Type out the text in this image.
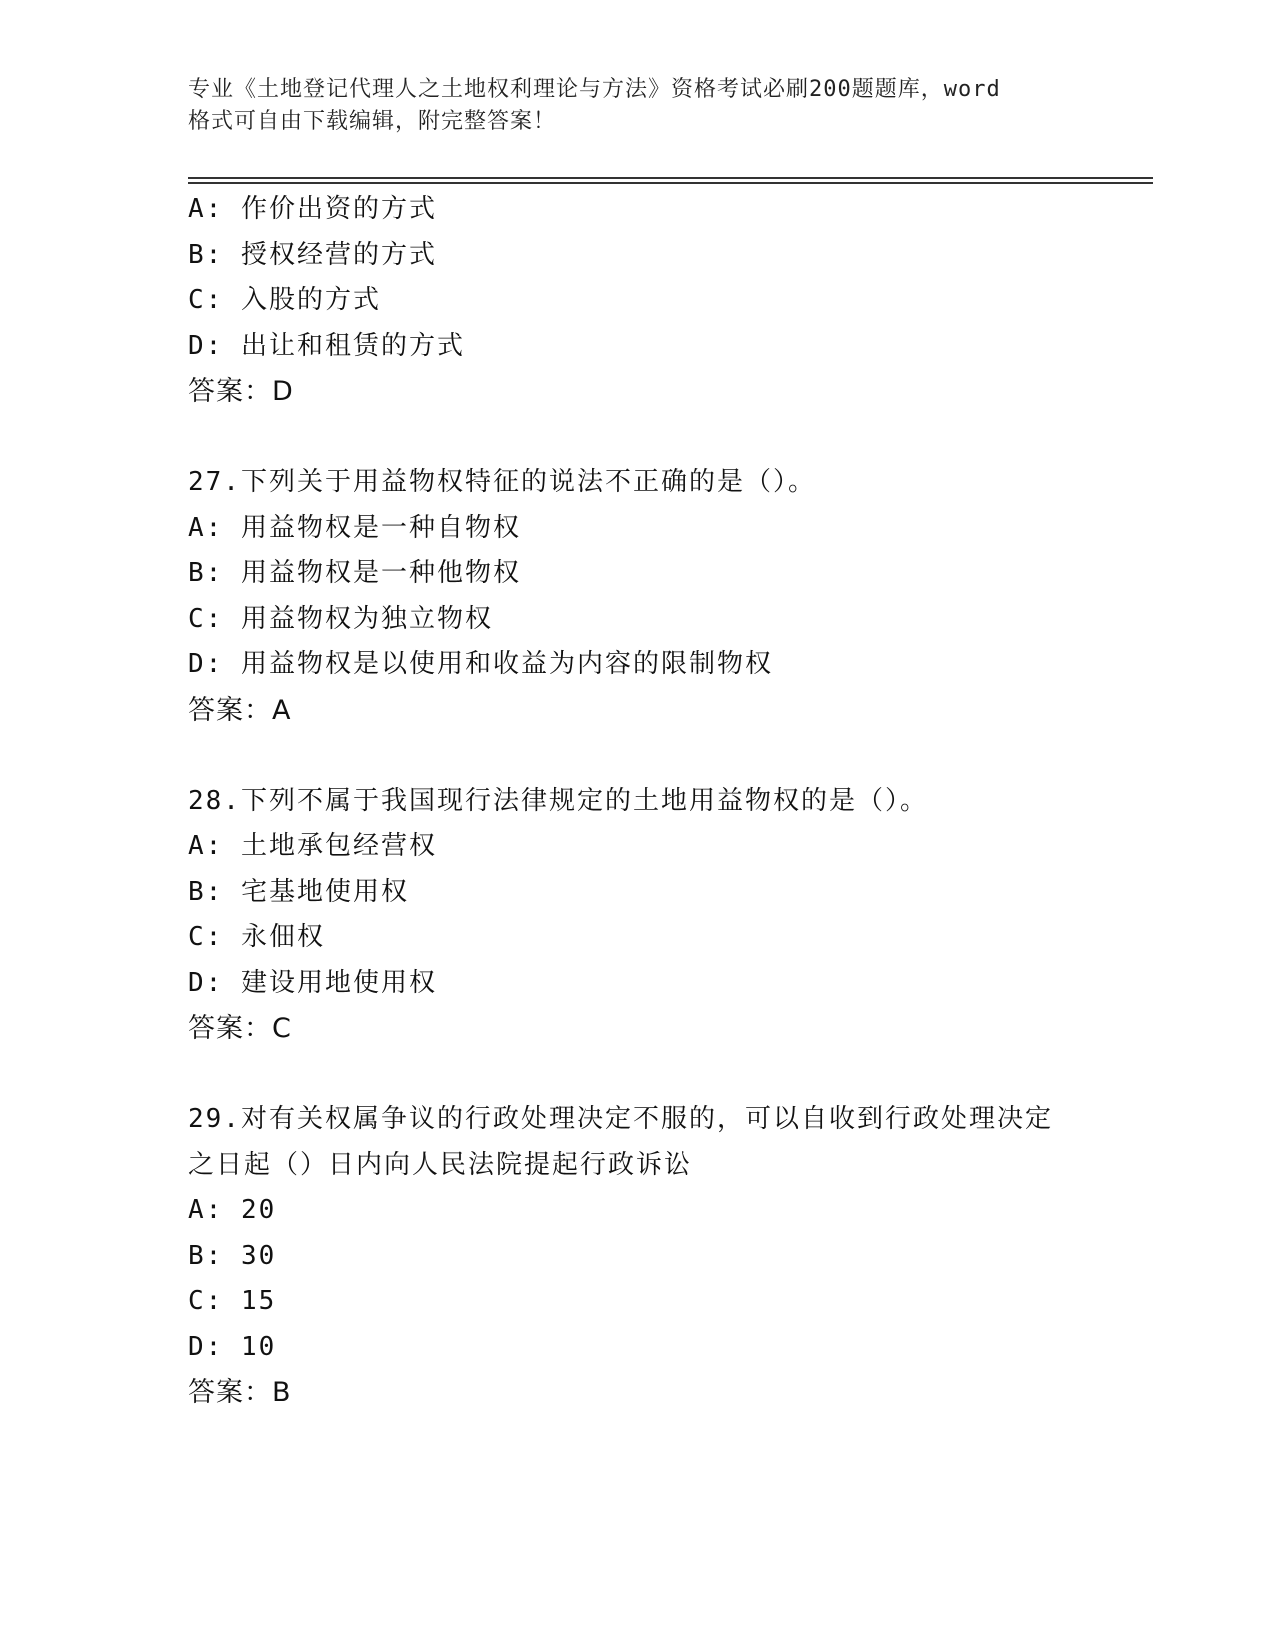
专业《土地登记代理人之土地权利理论与方法》资格考试必刷200题题库，word
格式可自由下载编辑，附完整答案！
A: 作价出资的方式
B: 授权经营的方式
C: 入股的方式
D: 出让和租赁的方式
答案：D
27.下列关于用益物权特征的说法不正确的是（）。
A: 用益物权是一种自物权
B: 用益物权是一种他物权
C: 用益物权为独立物权
D: 用益物权是以使用和收益为内容的限制物权
答案：A
28.下列不属于我国现行法律规定的土地用益物权的是（）。
A: 土地承包经营权
B: 宅基地使用权
C: 永佃权
D: 建设用地使用权
答案：C
29.对有关权属争议的行政处理决定不服的，可以自收到行政处理决定
之日起（）日内向人民法院提起行政诉讼
A: 20
B: 30
C: 15
D: 10
答案：B
